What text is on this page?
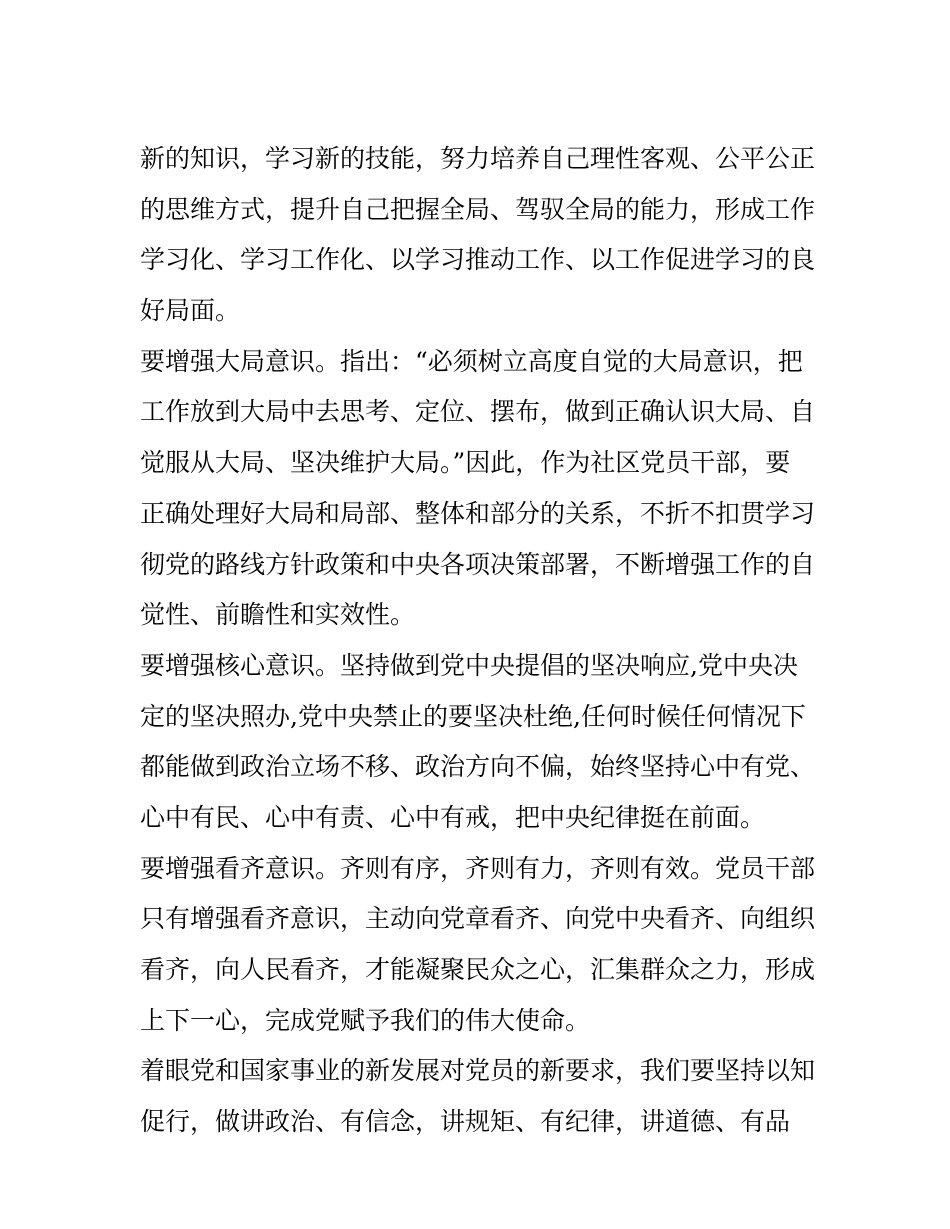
新的知识，学习新的技能，努力培养自己理性客观、公平公正
的思维方式，提升自己把握全局、驾驭全局的能力，形成工作
学习化、学习工作化、以学习推动工作、以工作促进学习的良
好局面。
要增强大局意识。指出：“必须树立高度自觉的大局意识，把
工作放到大局中去思考、定位、摆布，做到正确认识大局、自
觉服从大局、坚决维护大局。”因此，作为社区党员干部，要
正确处理好大局和局部、整体和部分的关系，不折不扣贯学习
彻党的路线方针政策和中央各项决策部署，不断增强工作的自
觉性、前瞻性和实效性。
要增强核心意识。坚持做到党中央提倡的坚决响应,党中央决
定的坚决照办,党中央禁止的要坚决杜绝,任何时候任何情况下
都能做到政治立场不移、政治方向不偏，始终坚持心中有党、
心中有民、心中有责、心中有戒，把中央纪律挺在前面。
要增强看齐意识。齐则有序，齐则有力，齐则有效。党员干部
只有增强看齐意识，主动向党章看齐、向党中央看齐、向组织
看齐，向人民看齐，才能凝聚民众之心，汇集群众之力，形成
上下一心，完成党赋予我们的伟大使命。
着眼党和国家事业的新发展对党员的新要求，我们要坚持以知
促行，做讲政治、有信念，讲规矩、有纪律，讲道德、有品
